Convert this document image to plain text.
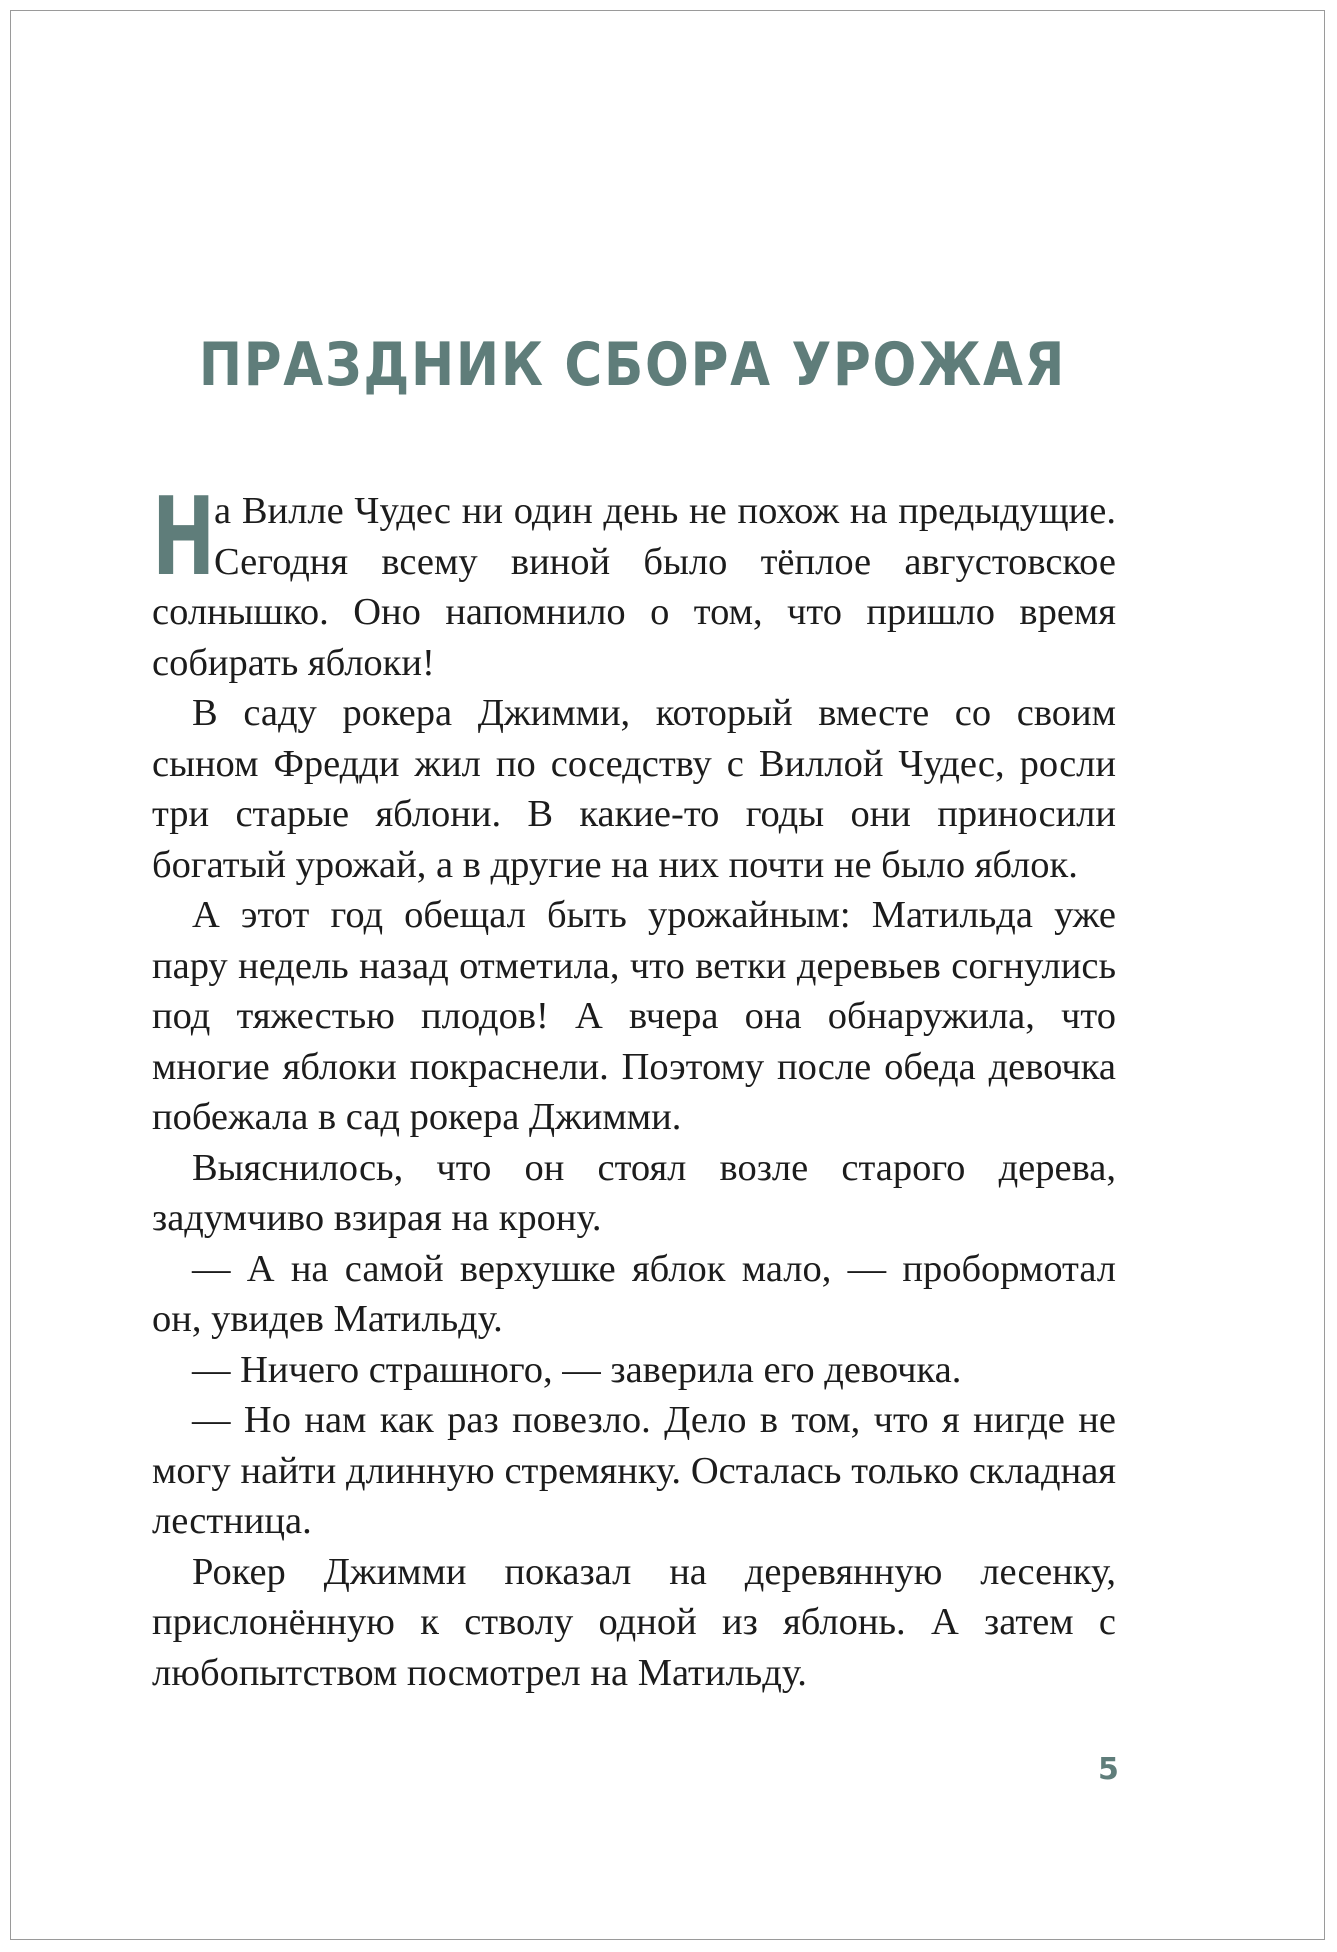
ПРАЗДНИК СБОРА УРОЖАЯ

Н
а Вилле Чудес ни один день не похож на предыдущие. Сегодня всему виной было тёплое августовское солнышко. Оно напомнило о том, что пришло время собирать яблоки!

В саду рокера Джимми, который вместе со своим сыном Фредди жил по соседству с Виллой Чудес, росли три старые яблони. В какие-то годы они приносили богатый урожай, а в другие на них почти не было яблок.

А этот год обещал быть урожайным: Матильда уже пару недель назад отметила, что ветки деревьев согнулись под тяжестью плодов! А вчера она обнаружила, что многие яблоки покраснели. Поэтому после обеда девочка побежала в сад рокера Джимми.

Выяснилось, что он стоял возле старого дерева, задумчиво взирая на крону.

— А на самой верхушке яблок мало, — пробормотал он, увидев Матильду.

— Ничего страшного, — заверила его девочка.

— Но нам как раз повезло. Дело в том, что я нигде не могу найти длинную стремянку. Осталась только складная лестница.

Рокер Джимми показал на деревянную лесенку, прислонённую к стволу одной из яблонь. А затем с любопытством посмотрел на Матильду.

5
